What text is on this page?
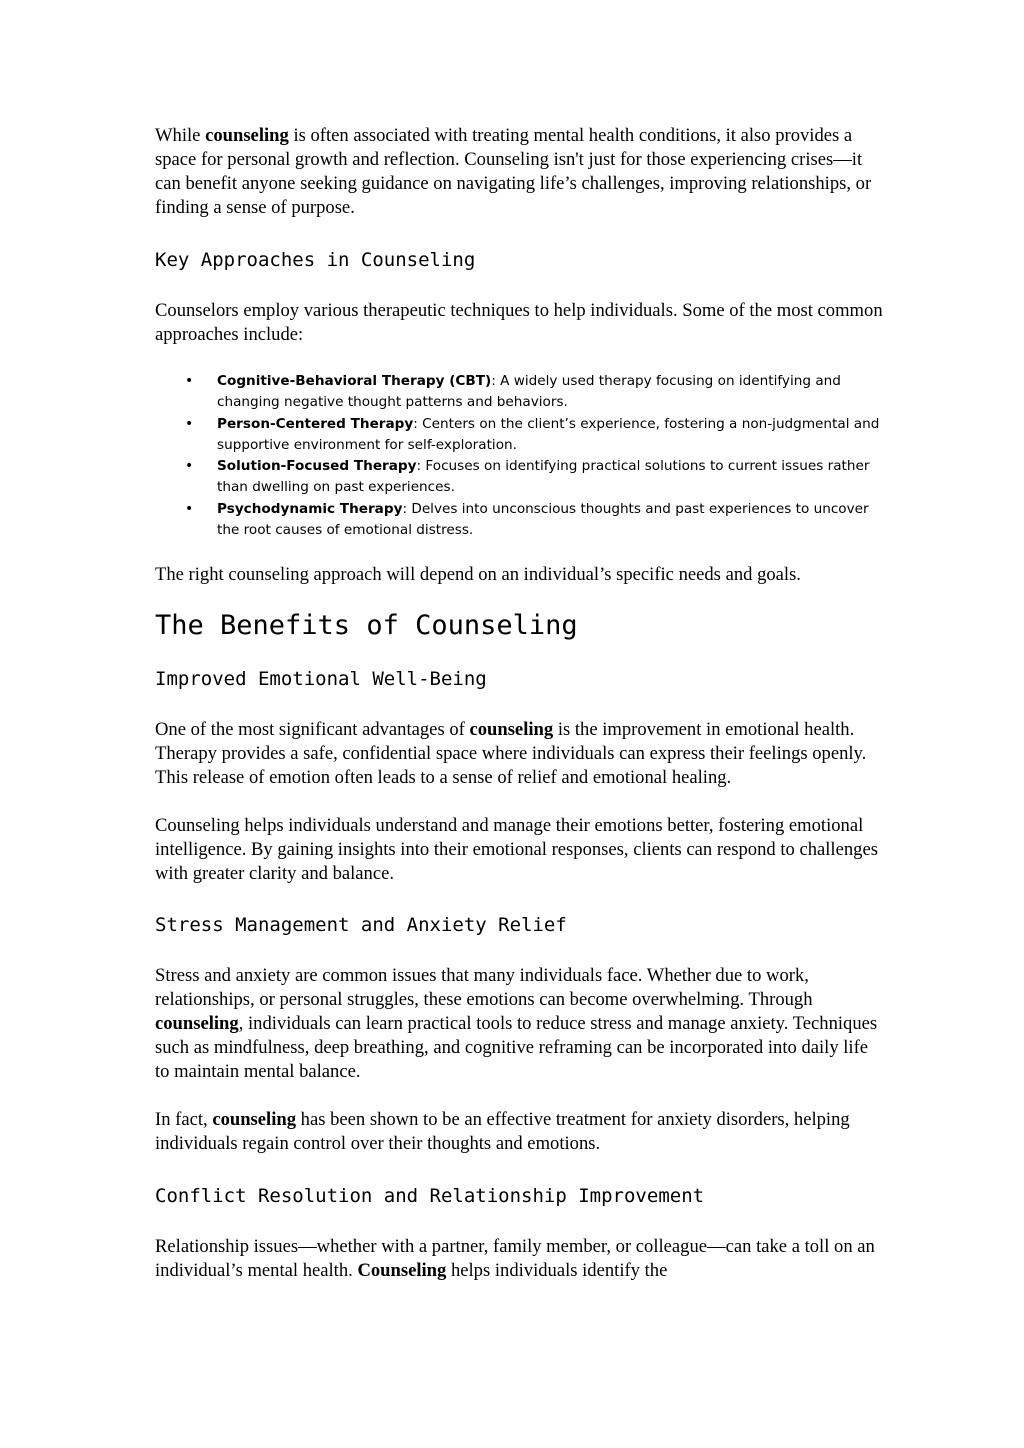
While counseling is often associated with treating mental health conditions, it also provides a space for personal growth and reflection. Counseling isn't just for those experiencing crises—it can benefit anyone seeking guidance on navigating life’s challenges, improving relationships, or finding a sense of purpose.

Key Approaches in Counseling

Counselors employ various therapeutic techniques to help individuals. Some of the most common approaches include:

• Cognitive-Behavioral Therapy (CBT): A widely used therapy focusing on identifying and changing negative thought patterns and behaviors.
• Person-Centered Therapy: Centers on the client’s experience, fostering a non-judgmental and supportive environment for self-exploration.
• Solution-Focused Therapy: Focuses on identifying practical solutions to current issues rather than dwelling on past experiences.
• Psychodynamic Therapy: Delves into unconscious thoughts and past experiences to uncover the root causes of emotional distress.

The right counseling approach will depend on an individual’s specific needs and goals.

The Benefits of Counseling
Improved Emotional Well-Being

One of the most significant advantages of counseling is the improvement in emotional health. Therapy provides a safe, confidential space where individuals can express their feelings openly. This release of emotion often leads to a sense of relief and emotional healing.

Counseling helps individuals understand and manage their emotions better, fostering emotional intelligence. By gaining insights into their emotional responses, clients can respond to challenges with greater clarity and balance.

Stress Management and Anxiety Relief

Stress and anxiety are common issues that many individuals face. Whether due to work, relationships, or personal struggles, these emotions can become overwhelming. Through counseling, individuals can learn practical tools to reduce stress and manage anxiety. Techniques such as mindfulness, deep breathing, and cognitive reframing can be incorporated into daily life to maintain mental balance.

In fact, counseling has been shown to be an effective treatment for anxiety disorders, helping individuals regain control over their thoughts and emotions.

Conflict Resolution and Relationship Improvement

Relationship issues—whether with a partner, family member, or colleague—can take a toll on an individual’s mental health. Counseling helps individuals identify the
